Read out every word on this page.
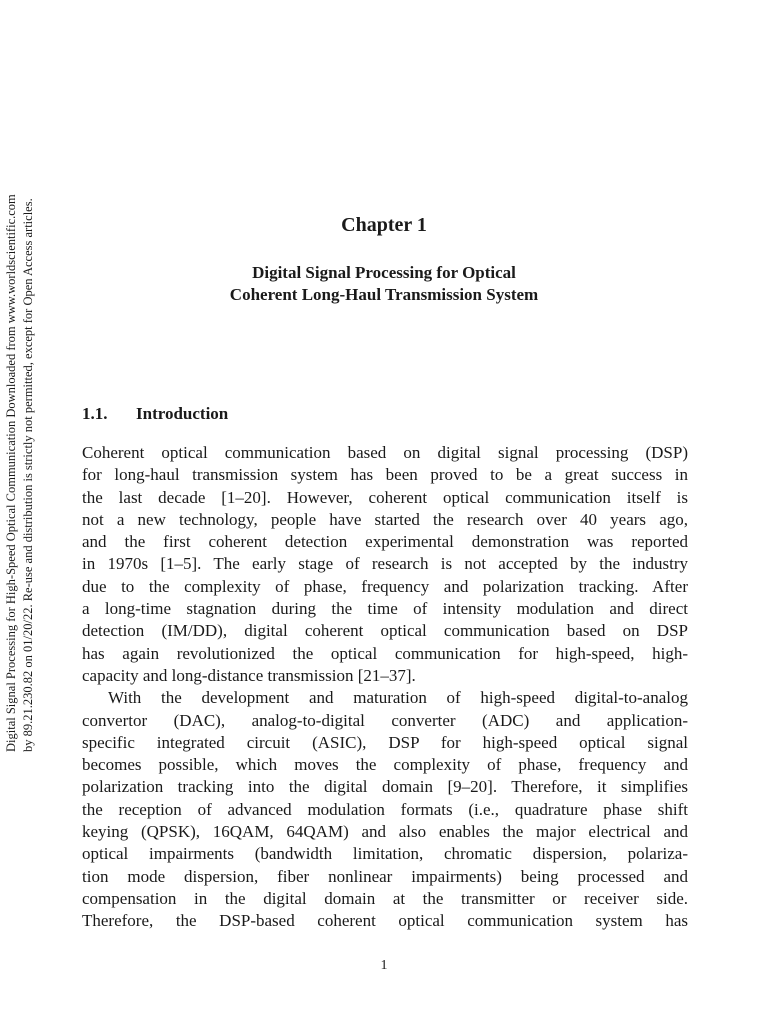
Digital Signal Processing for High-Speed Optical Communication Downloaded from www.worldscientific.com by 89.21.230.82 on 01/20/22. Re-use and distribution is strictly not permitted, except for Open Access articles.	Chapter 1
Digital Signal Processing for Optical
Coherent Long-Haul Transmission System
1.1. Introduction
Coherent optical communication based on digital signal processing (DSP)
for long-haul transmission system has been proved to be a great success in
the last decade [1–20]. However, coherent optical communication itself is
not a new technology, people have started the research over 40 years ago,
and the first coherent detection experimental demonstration was reported
in 1970s [1–5]. The early stage of research is not accepted by the industry
due to the complexity of phase, frequency and polarization tracking. After
a long-time stagnation during the time of intensity modulation and direct
detection (IM/DD), digital coherent optical communication based on DSP
has again revolutionized the optical communication for high-speed, high-
capacity and long-distance transmission [21–37].
With the development and maturation of high-speed digital-to-analog
convertor (DAC), analog-to-digital converter (ADC) and application-
specific integrated circuit (ASIC), DSP for high-speed optical signal
becomes possible, which moves the complexity of phase, frequency and
polarization tracking into the digital domain [9–20]. Therefore, it simplifies
the reception of advanced modulation formats (i.e., quadrature phase shift
keying (QPSK), 16QAM, 64QAM) and also enables the major electrical and
optical impairments (bandwidth limitation, chromatic dispersion, polariza-
tion mode dispersion, fiber nonlinear impairments) being processed and
compensation in the digital domain at the transmitter or receiver side.
Therefore, the DSP-based coherent optical communication system has
1
